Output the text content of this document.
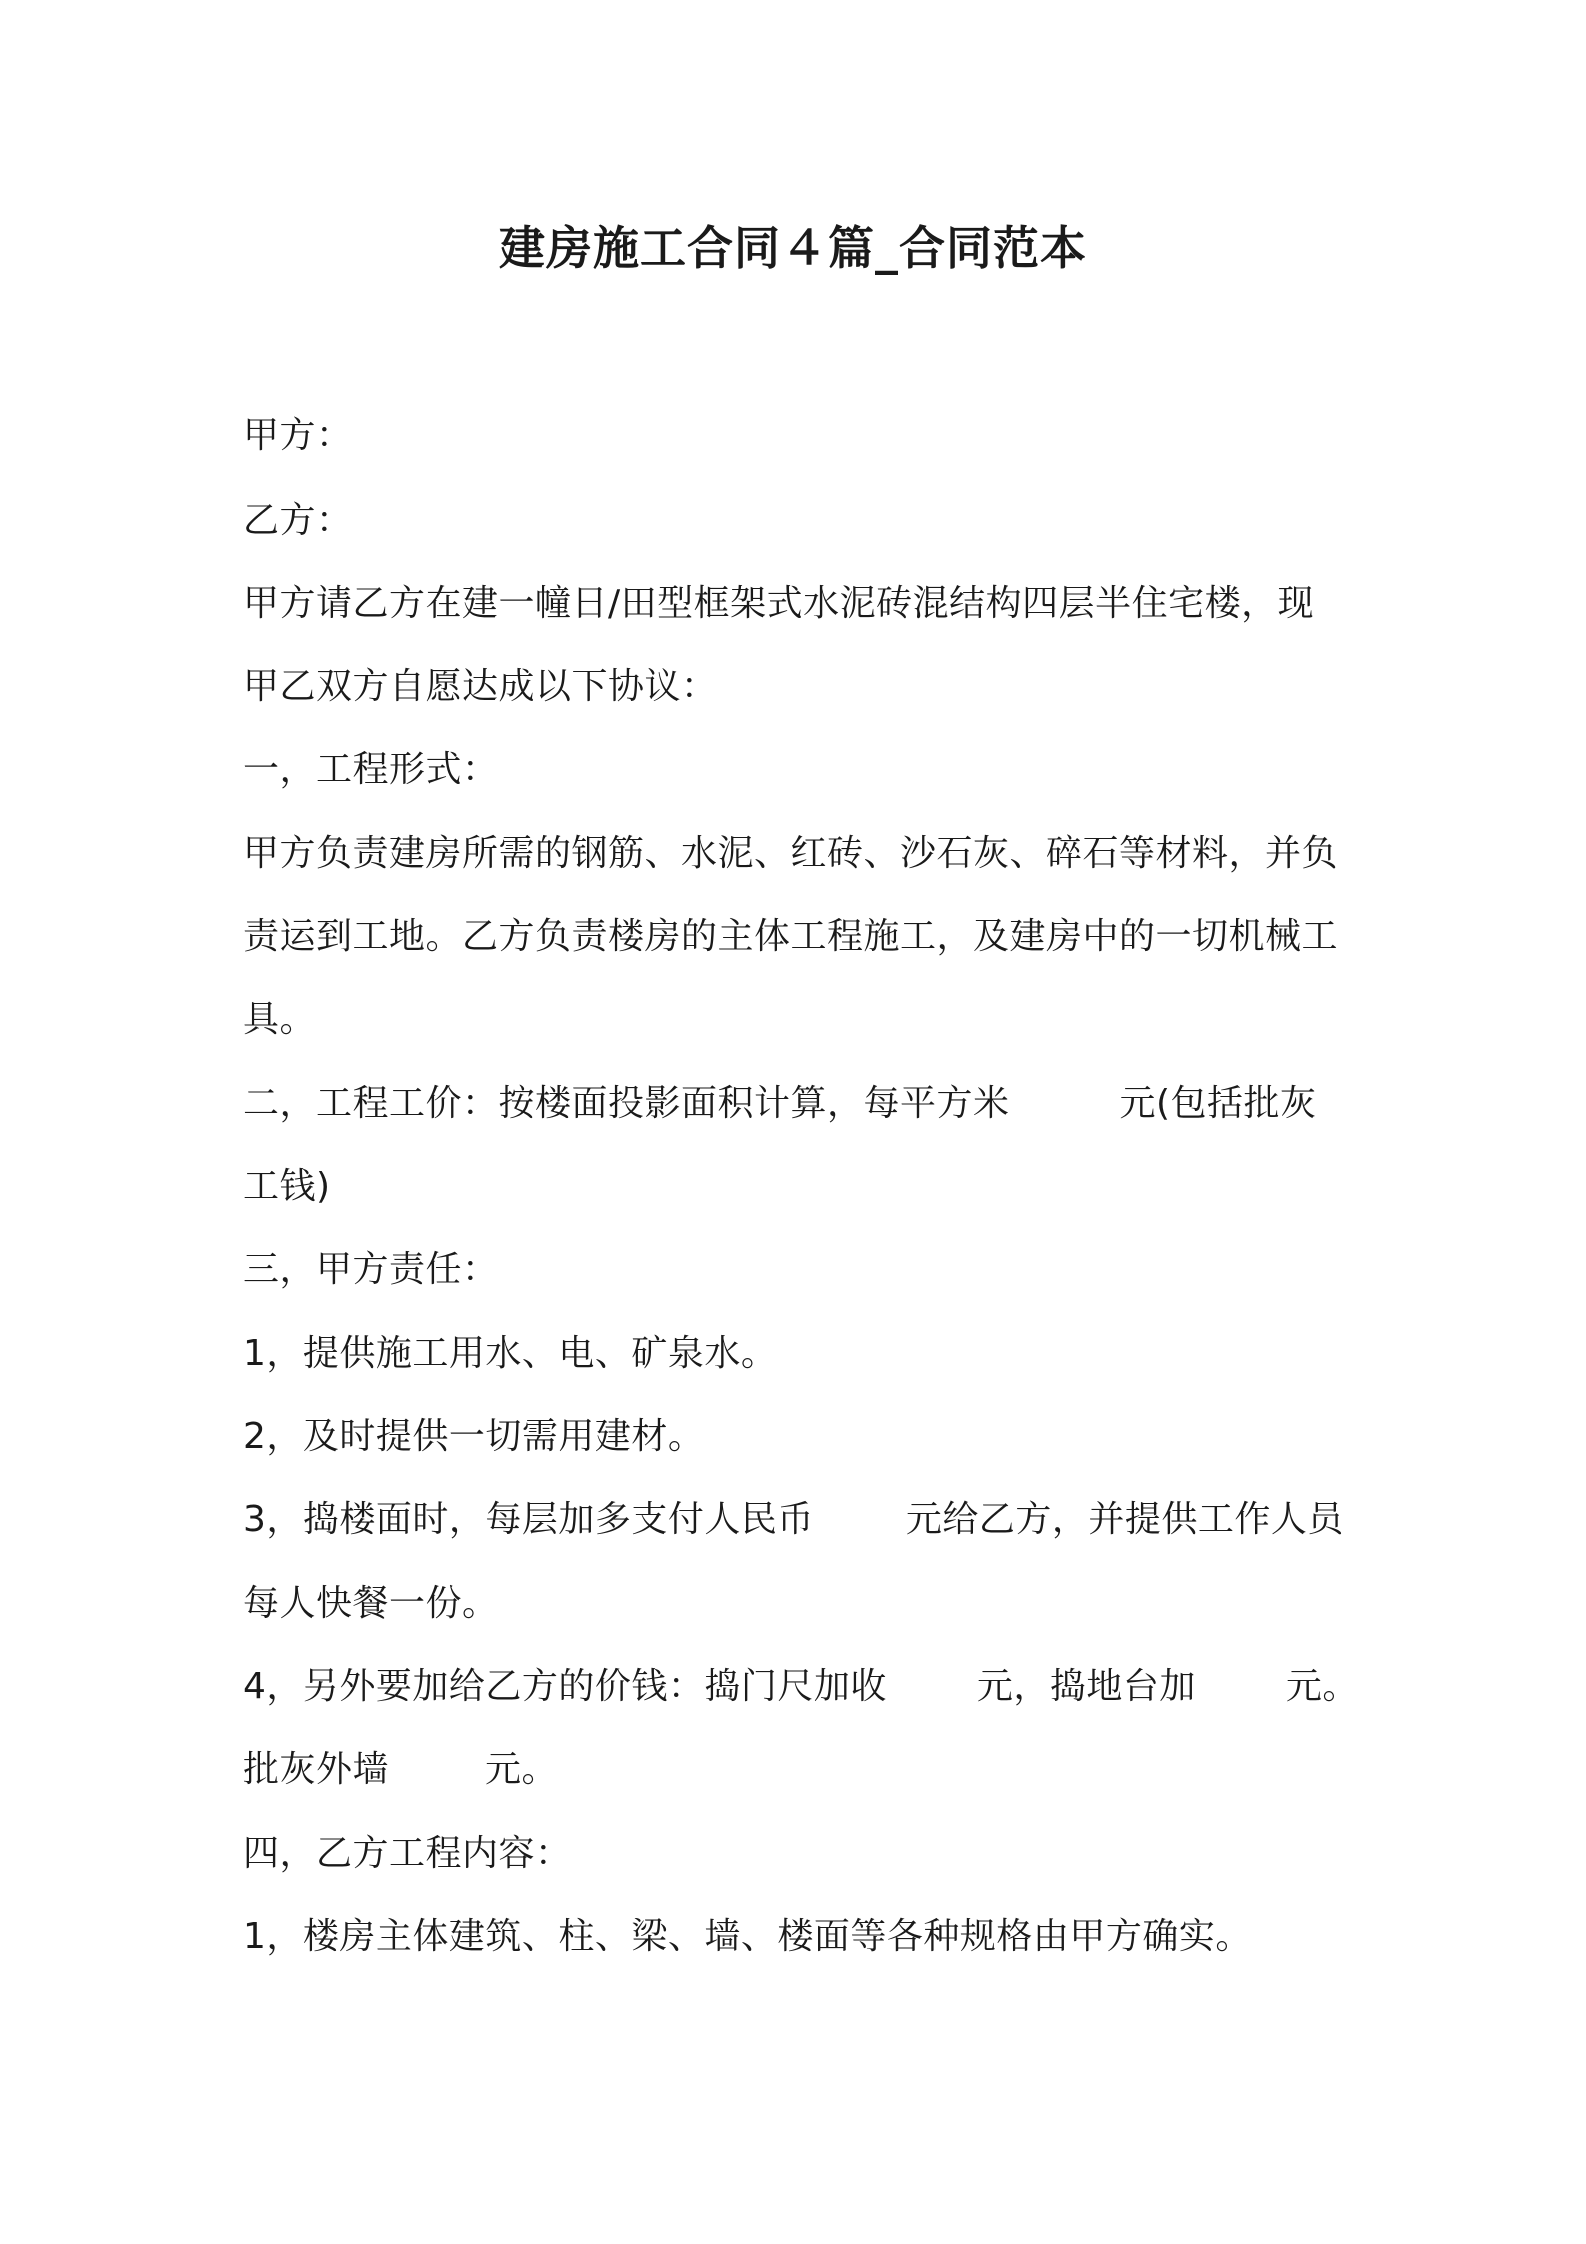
建房施工合同４篇_合同范本
甲方：
乙方：
甲方请乙方在建一幢日/田型框架式水泥砖混结构四层半住宅楼，现
甲乙双方自愿达成以下协议：
一，工程形式：
甲方负责建房所需的钢筋、水泥、红砖、沙石灰、碎石等材料，并负
责运到工地。乙方负责楼房的主体工程施工，及建房中的一切机械工
具。
二，工程工价：按楼面投影面积计算，每平方米	元(包括批灰
工钱)
三，甲方责任：
1，提供施工用水、电、矿泉水。
2，及时提供一切需用建材。
3，捣楼面时，每层加多支付人民币	元给乙方，并提供工作人员
每人快餐一份。
4，另外要加给乙方的价钱：捣门尺加收	元，捣地台加	元。
批灰外墙	元。
四，乙方工程内容：
1，楼房主体建筑、柱、梁、墙、楼面等各种规格由甲方确实。
